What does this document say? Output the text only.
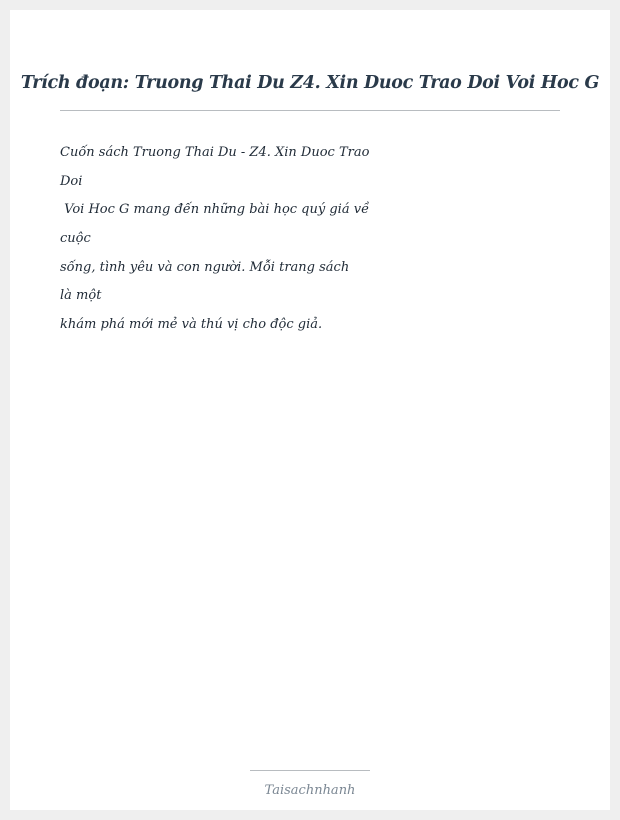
Trích đoạn: Truong Thai Du Z4. Xin Duoc Trao Doi Voi Hoc G
Cuốn sách Truong Thai Du - Z4. Xin Duoc Trao
Doi
Voi Hoc G mang đến những bài học quý giá về
cuộc
sống, tình yêu và con người. Mỗi trang sách
là một
khám phá mới mẻ và thú vị cho độc giả.
Taisachnhanh
